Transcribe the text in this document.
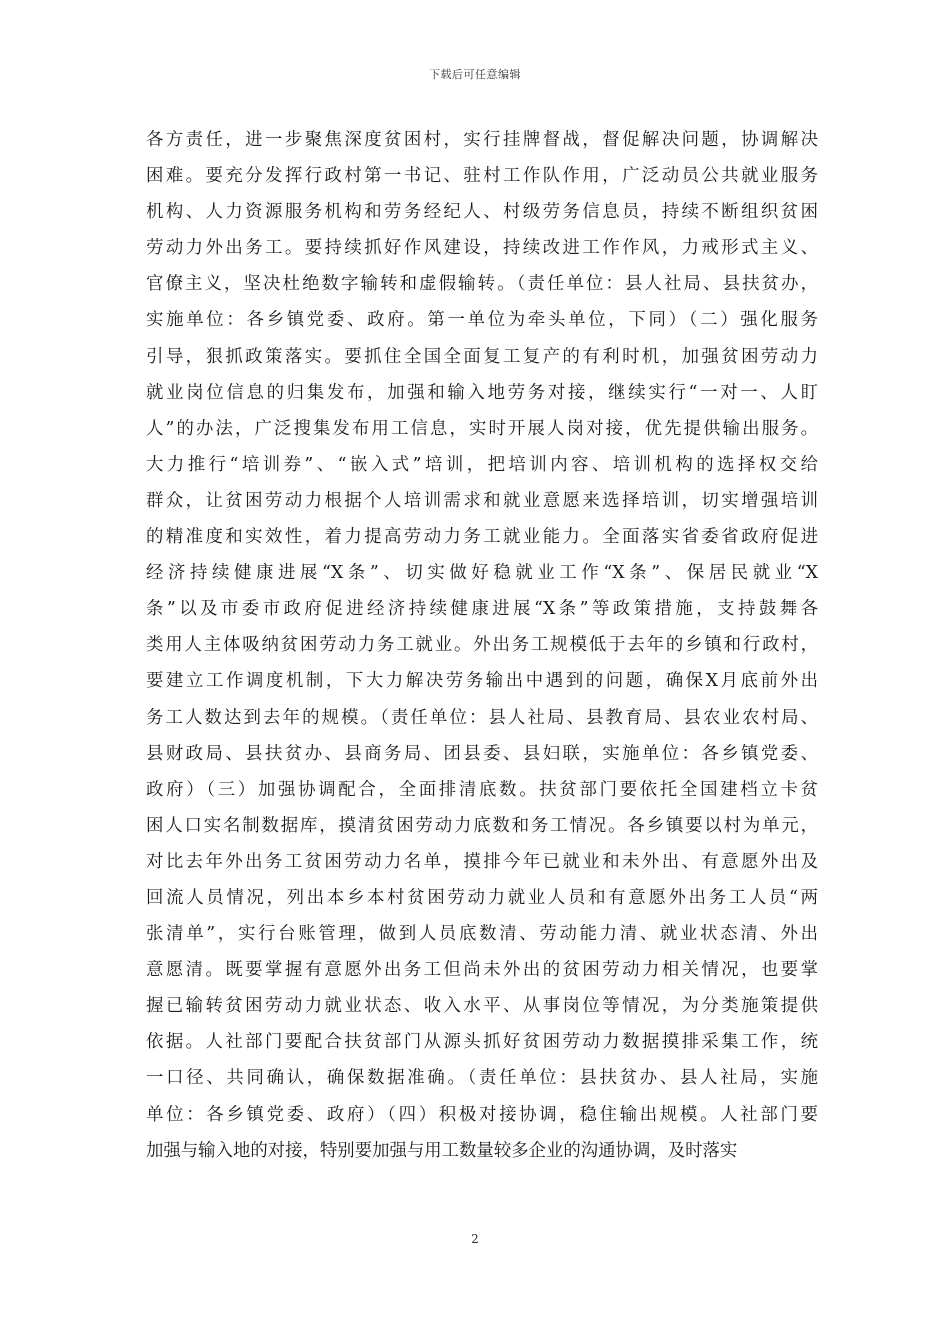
下载后可任意编辑
各方责任，进一步聚焦深度贫困村，实行挂牌督战，督促解决问题，协调解决
困难。要充分发挥行政村第一书记、驻村工作队作用，广泛动员公共就业服务
机构、人力资源服务机构和劳务经纪人、村级劳务信息员，持续不断组织贫困
劳动力外出务工。要持续抓好作风建设，持续改进工作作风，力戒形式主义、
官僚主义，坚决杜绝数字输转和虚假输转。（责任单位：县人社局、县扶贫办，
实施单位：各乡镇党委、政府。第一单位为牵头单位，下同）（二）强化服务
引导，狠抓政策落实。要抓住全国全面复工复产的有利时机，加强贫困劳动力
就业岗位信息的归集发布，加强和输入地劳务对接，继续实行“一对一、人盯
人”的办法，广泛搜集发布用工信息，实时开展人岗对接，优先提供输出服务。
大力推行“培训券”、“嵌入式”培训，把培训内容、培训机构的选择权交给
群众，让贫困劳动力根据个人培训需求和就业意愿来选择培训，切实增强培训
的精准度和实效性，着力提高劳动力务工就业能力。全面落实省委省政府促进
经济持续健康进展“X条”、切实做好稳就业工作“X条”、保居民就业“X
条”以及市委市政府促进经济持续健康进展“X条”等政策措施，支持鼓舞各
类用人主体吸纳贫困劳动力务工就业。外出务工规模低于去年的乡镇和行政村，
要建立工作调度机制，下大力解决劳务输出中遇到的问题，确保X月底前外出
务工人数达到去年的规模。（责任单位：县人社局、县教育局、县农业农村局、
县财政局、县扶贫办、县商务局、团县委、县妇联，实施单位：各乡镇党委、
政府）（三）加强协调配合，全面排清底数。扶贫部门要依托全国建档立卡贫
困人口实名制数据库，摸清贫困劳动力底数和务工情况。各乡镇要以村为单元，
对比去年外出务工贫困劳动力名单，摸排今年已就业和未外出、有意愿外出及
回流人员情况，列出本乡本村贫困劳动力就业人员和有意愿外出务工人员“两
张清单”，实行台账管理，做到人员底数清、劳动能力清、就业状态清、外出
意愿清。既要掌握有意愿外出务工但尚未外出的贫困劳动力相关情况，也要掌
握已输转贫困劳动力就业状态、收入水平、从事岗位等情况，为分类施策提供
依据。人社部门要配合扶贫部门从源头抓好贫困劳动力数据摸排采集工作，统
一口径、共同确认，确保数据准确。（责任单位：县扶贫办、县人社局，实施
单位：各乡镇党委、政府）（四）积极对接协调，稳住输出规模。人社部门要
加强与输入地的对接，特别要加强与用工数量较多企业的沟通协调，及时落实
2
